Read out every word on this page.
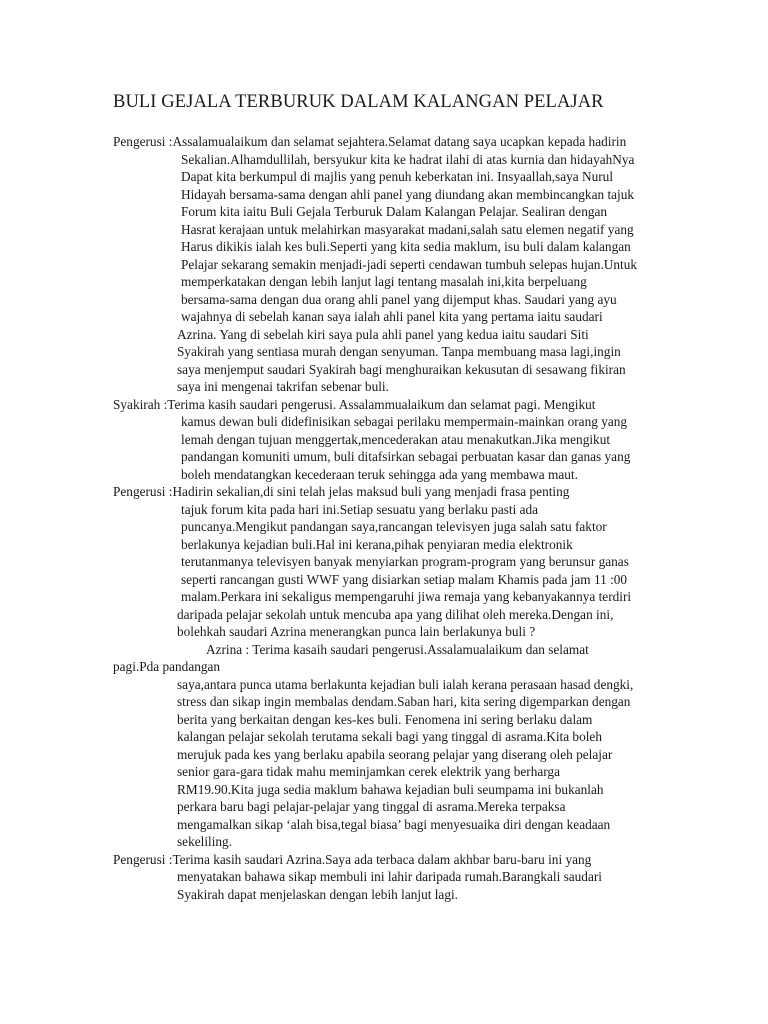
BULI GEJALA TERBURUK DALAM KALANGAN PELAJAR
Pengerusi :Assalamualaikum dan selamat sejahtera.Selamat datang saya ucapkan kepada hadirin
Sekalian.Alhamdullilah, bersyukur kita ke hadrat ilahi di atas kurnia dan hidayahNya
Dapat kita berkumpul di majlis yang penuh keberkatan ini. Insyaallah,saya Nurul
Hidayah bersama-sama dengan ahli panel yang diundang akan membincangkan tajuk
Forum kita iaitu Buli Gejala Terburuk Dalam Kalangan Pelajar. Sealiran dengan
Hasrat kerajaan untuk melahirkan masyarakat madani,salah satu elemen negatif yang
Harus dikikis ialah kes buli.Seperti yang kita sedia maklum, isu buli dalam kalangan
Pelajar sekarang semakin menjadi-jadi seperti cendawan tumbuh selepas hujan.Untuk
memperkatakan dengan lebih lanjut lagi tentang masalah ini,kita berpeluang
bersama-sama dengan dua orang ahli panel yang dijemput khas. Saudari yang ayu
wajahnya di sebelah kanan saya ialah ahli panel kita yang pertama iaitu saudari
Azrina. Yang di sebelah kiri saya pula ahli panel yang kedua iaitu saudari Siti
Syakirah yang sentiasa murah dengan senyuman. Tanpa membuang masa lagi,ingin
saya menjemput saudari Syakirah bagi menghuraikan kekusutan di sesawang fikiran
saya ini mengenai takrifan sebenar buli.
Syakirah :Terima kasih saudari pengerusi. Assalammualaikum dan selamat pagi. Mengikut
kamus dewan buli didefinisikan sebagai perilaku mempermain-mainkan orang yang
lemah dengan tujuan menggertak,mencederakan atau menakutkan.Jika mengikut
pandangan komuniti umum, buli ditafsirkan sebagai perbuatan kasar dan ganas yang
boleh mendatangkan kecederaan teruk sehingga ada yang membawa maut.
Pengerusi :Hadirin sekalian,di sini telah jelas maksud buli yang menjadi frasa penting
tajuk forum kita pada hari ini.Setiap sesuatu yang berlaku pasti ada
puncanya.Mengikut pandangan saya,rancangan televisyen juga salah satu faktor
berlakunya kejadian buli.Hal ini kerana,pihak penyiaran media elektronik
terutanmanya televisyen banyak menyiarkan program-program yang berunsur ganas
seperti rancangan gusti WWF yang disiarkan setiap malam Khamis pada jam 11 :00
malam.Perkara ini sekaligus mempengaruhi jiwa remaja yang kebanyakannya terdiri
daripada pelajar sekolah untuk mencuba apa yang dilihat oleh mereka.Dengan ini,
bolehkah saudari Azrina menerangkan punca lain berlakunya buli ?
Azrina : Terima kasaih saudari pengerusi.Assalamualaikum dan selamat
pagi.Pda pandangan
saya,antara punca utama berlakunta kejadian buli ialah kerana perasaan hasad dengki,
stress dan sikap ingin membalas dendam.Saban hari, kita sering digemparkan dengan
berita yang berkaitan dengan kes-kes buli. Fenomena ini sering berlaku dalam
kalangan pelajar sekolah terutama sekali bagi yang tinggal di asrama.Kita boleh
merujuk pada kes yang berlaku apabila seorang pelajar yang diserang oleh pelajar
senior gara-gara tidak mahu meminjamkan cerek elektrik yang berharga
RM19.90.Kita juga sedia maklum bahawa kejadian buli seumpama ini bukanlah
perkara baru bagi pelajar-pelajar yang tinggal di asrama.Mereka terpaksa
mengamalkan sikap ‘alah bisa,tegal biasa’ bagi menyesuaika diri dengan keadaan
sekeliling.
Pengerusi :Terima kasih saudari Azrina.Saya ada terbaca dalam akhbar baru-baru ini yang
menyatakan bahawa sikap membuli ini lahir daripada rumah.Barangkali saudari
Syakirah dapat menjelaskan dengan lebih lanjut lagi.
